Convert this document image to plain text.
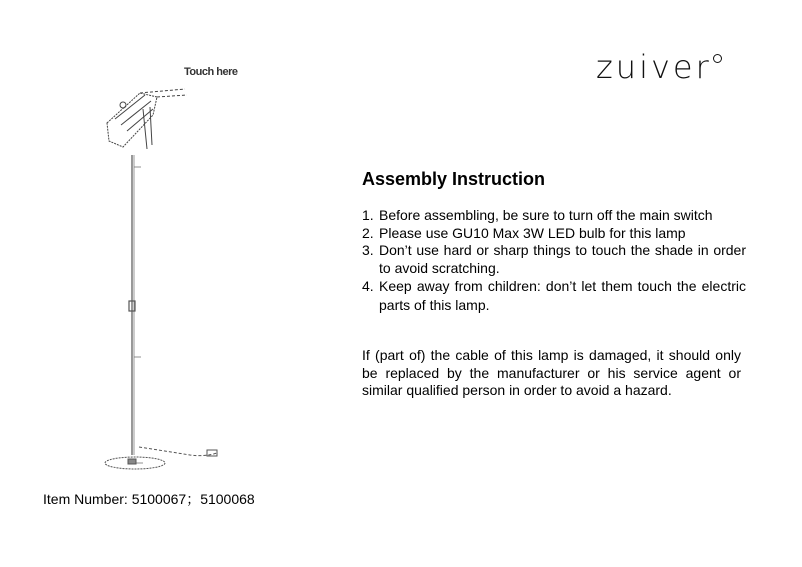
zuiver
Touch here
Assembly Instruction
1. Before assembling, be sure to turn off the main switch
2. Please use GU10 Max 3W LED bulb for this lamp
3. Don’t use hard or sharp things to touch the shade in order to avoid scratching.
4. Keep away from children: don’t let them touch the electric parts of this lamp.

If (part of) the cable of this lamp is damaged, it should only be replaced by the manufacturer or his service agent or similar qualified person in order to avoid a hazard.

Item Number: 5100067；5100068
